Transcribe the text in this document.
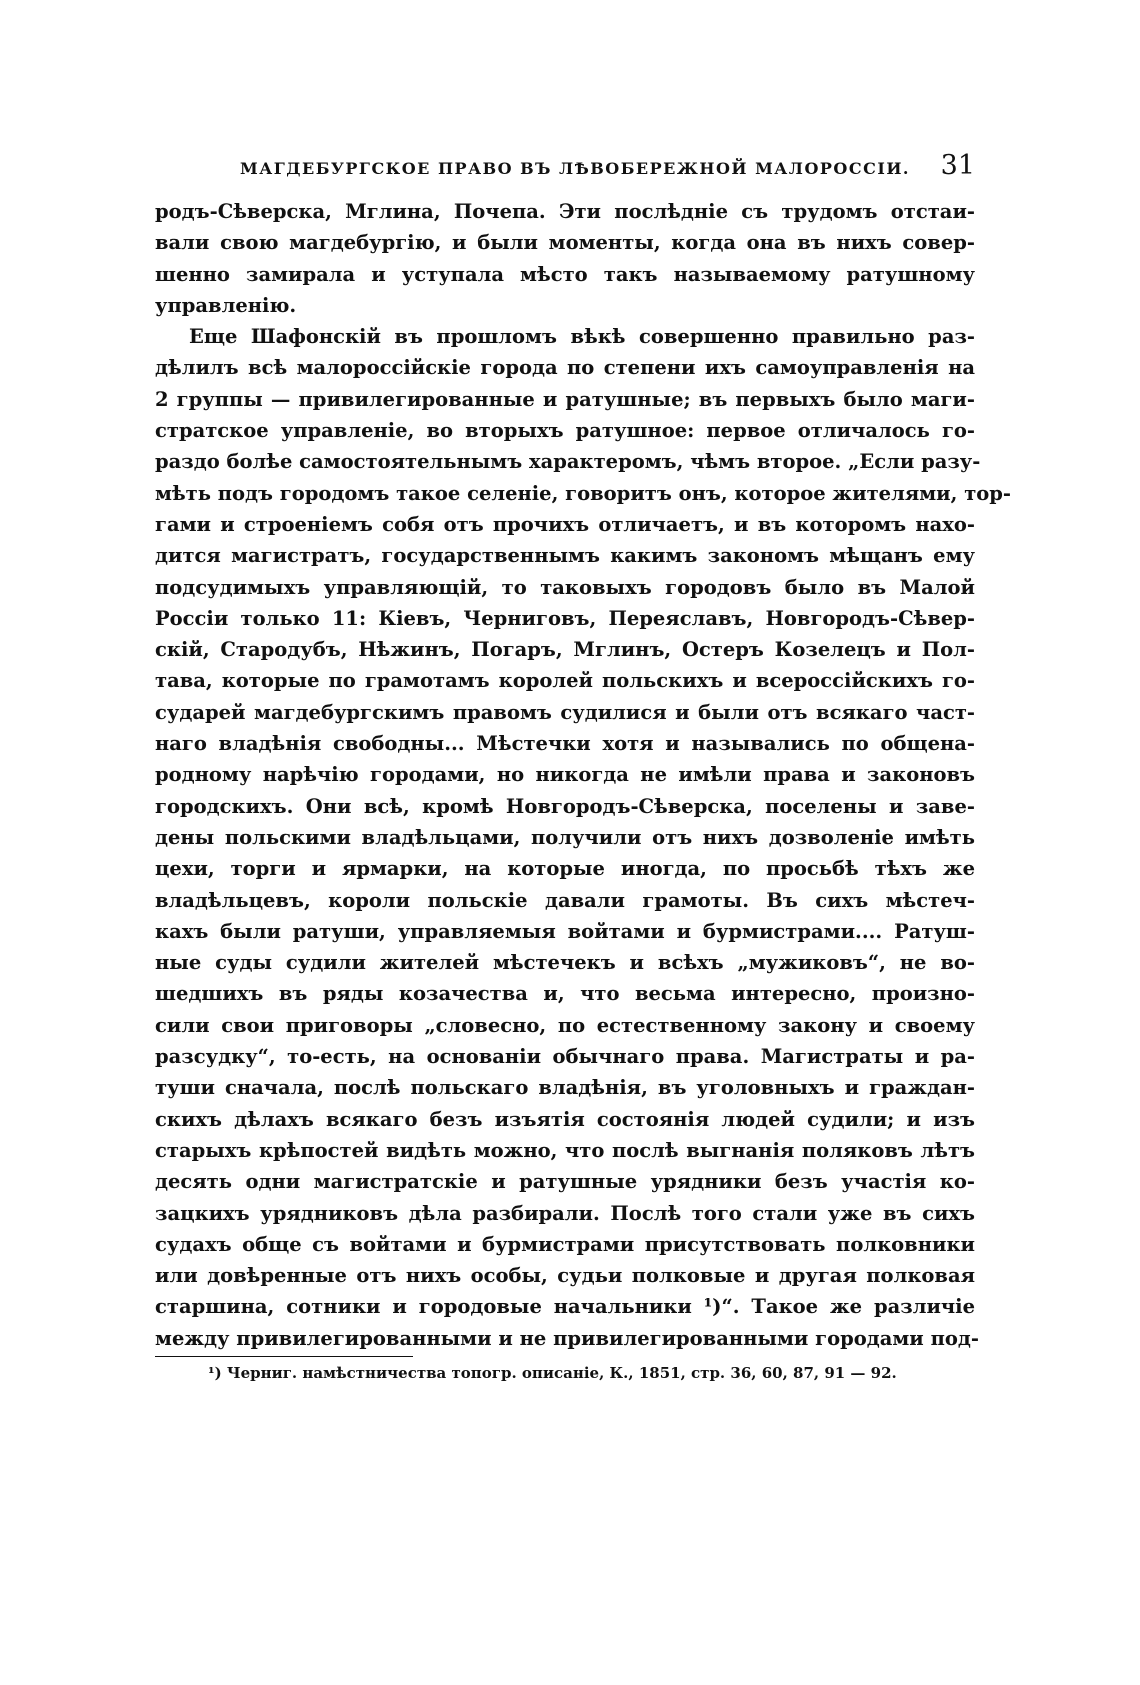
МАГДЕБУРГСКОЕ ПРАВО ВЪ ЛѢВОБЕРЕЖНОЙ МАЛОРОССІИ. 31
родъ-Сѣверска, Мглина, Почепа. Эти послѣдніе съ трудомъ отстаи-
вали свою магдебургію, и были моменты, когда она въ нихъ совер-
шенно замирала и уступала мѣсто такъ называемому ратушному
управленію.
Еще Шафонскій въ прошломъ вѣкѣ совершенно правильно раз-
дѣлилъ всѣ малороссійскіе города по степени ихъ самоуправленія на
2 группы — привилегированные и ратушные; въ первыхъ было маги-
стратское управленіе, во вторыхъ ратушное: первое отличалось го-
раздо болѣе самостоятельнымъ характеромъ, чѣмъ второе. „Если разу-
мѣть подъ городомъ такое селеніе, говоритъ онъ, которое жителями, тор-
гами и строеніемъ собя отъ прочихъ отличаетъ, и въ которомъ нахо-
дится магистратъ, государственнымъ какимъ закономъ мѣщанъ ему
подсудимыхъ управляющій, то таковыхъ городовъ было въ Малой
Россіи только 11: Кіевъ, Черниговъ, Переяславъ, Новгородъ-Сѣвер-
скій, Стародубъ, Нѣжинъ, Погаръ, Мглинъ, Остеръ Козелецъ и Пол-
тава, которые по грамотамъ королей польскихъ и всероссійскихъ го-
сударей магдебургскимъ правомъ судилися и были отъ всякаго част-
наго владѣнія свободны... Мѣстечки хотя и назывались по общена-
родному нарѣчію городами, но никогда не имѣли права и законовъ
городскихъ. Они всѣ, кромѣ Новгородъ-Сѣверска, поселены и заве-
дены польскими владѣльцами, получили отъ нихъ дозволеніе имѣть
цехи, торги и ярмарки, на которые иногда, по просьбѣ тѣхъ же
владѣльцевъ, короли польскіе давали грамоты. Въ сихъ мѣстеч-
кахъ были ратуши, управляемыя войтами и бурмистрами.... Ратуш-
ные суды судили жителей мѣстечекъ и всѣхъ „мужиковъ“, не во-
шедшихъ въ ряды козачества и, что весьма интересно, произно-
сили свои приговоры „словесно, по естественному закону и своему
разсудку“, то-есть, на основаніи обычнаго права. Магистраты и ра-
туши сначала, послѣ польскаго владѣнія, въ уголовныхъ и граждан-
скихъ дѣлахъ всякаго безъ изъятія состоянія людей судили; и изъ
старыхъ крѣпостей видѣть можно, что послѣ выгнанія поляковъ лѣтъ
десять одни магистратскіе и ратушные урядники безъ участія ко-
зацкихъ урядниковъ дѣла разбирали. Послѣ того стали уже въ сихъ
судахъ обще съ войтами и бурмистрами присутствовать полковники
или довѣренные отъ нихъ особы, судьи полковые и другая полковая
старшина, сотники и городовые начальники ¹)“. Такое же различіе
между привилегированными и не привилегированными городами под-
¹) Черниг. намѣстничества топогр. описаніе, К., 1851, стр. 36, 60, 87, 91 — 92.
